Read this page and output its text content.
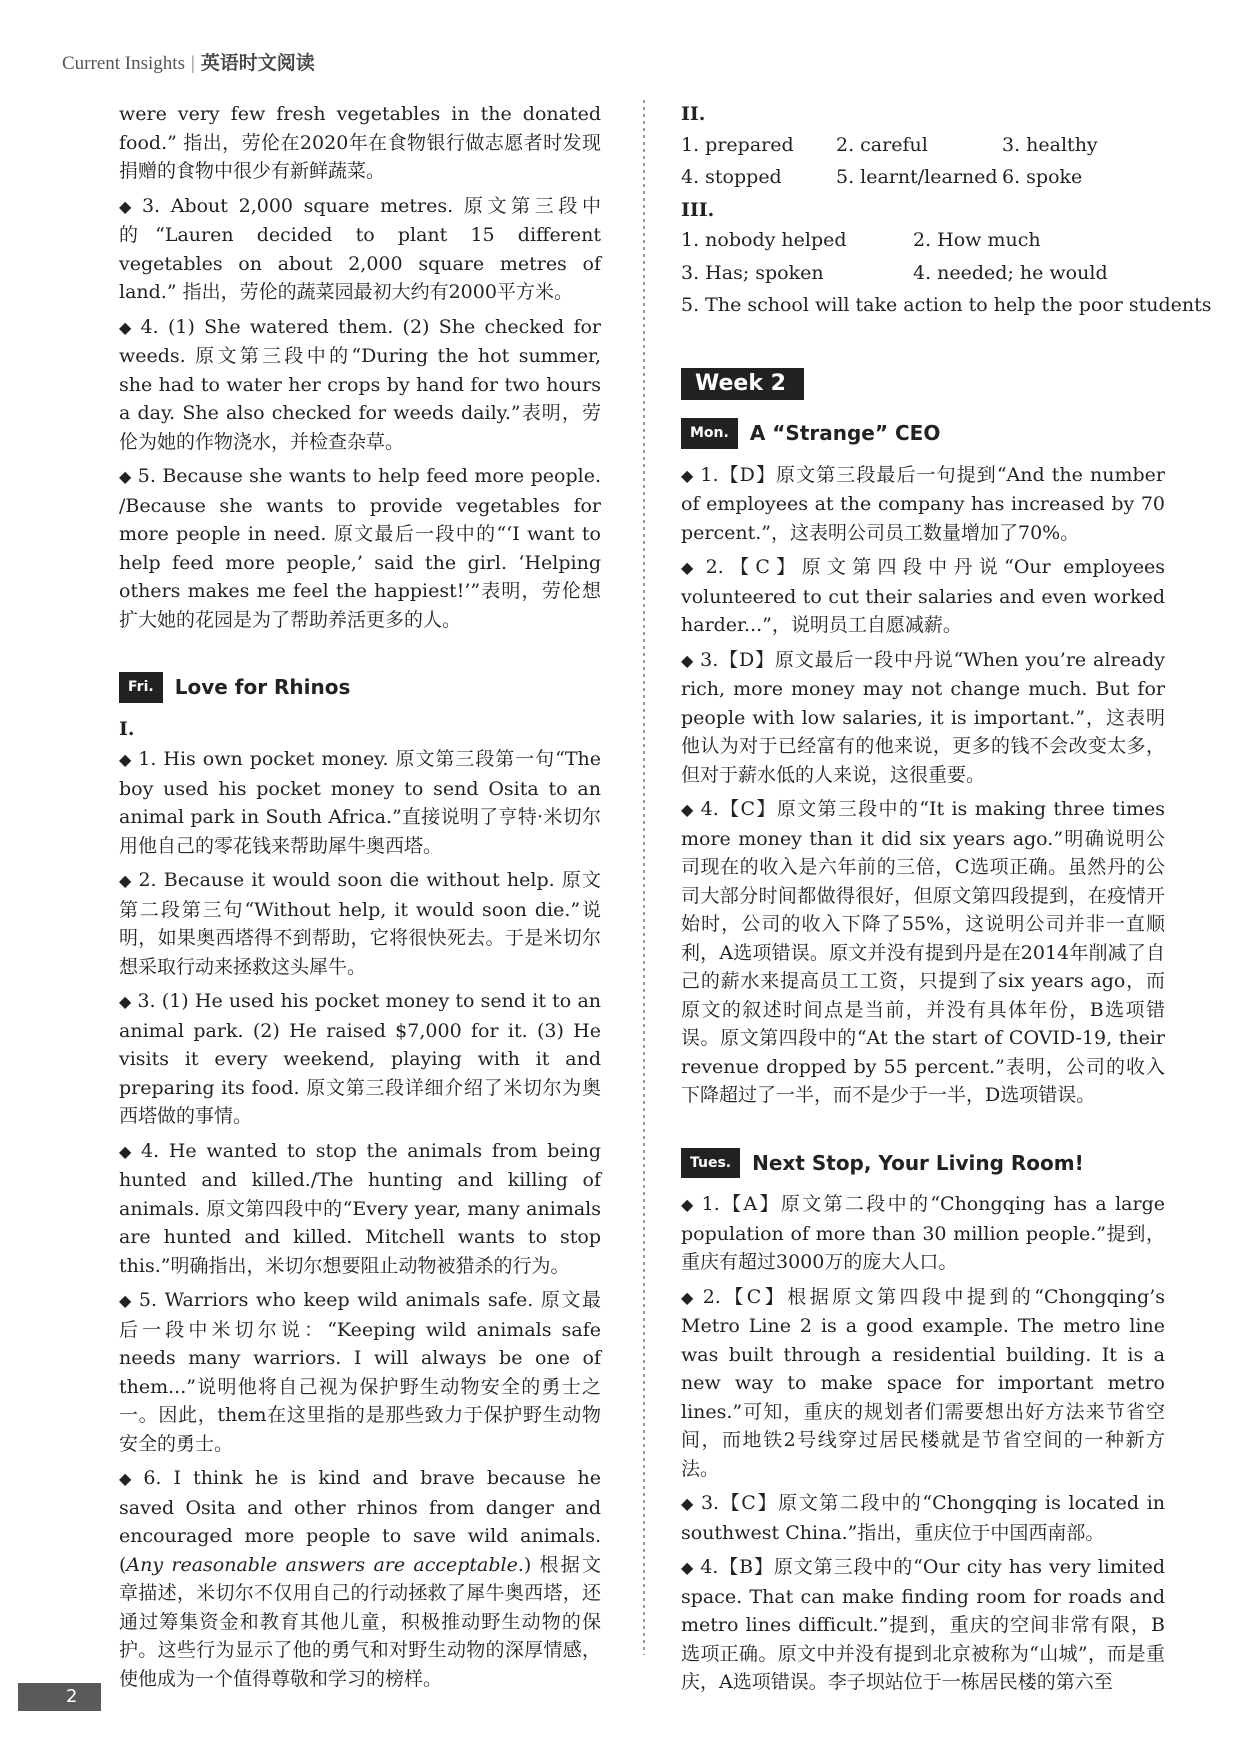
Current Insights | 英语时文阅读

were very few fresh vegetables in the donated food.” 指出，劳伦在2020年在食物银行做志愿者时发现捐赠的食物中很少有新鲜蔬菜。

◆ 3. About 2,000 square metres. 原文第三段中的“Lauren decided to plant 15 different vegetables on about 2,000 square metres of land.” 指出，劳伦的蔬菜园最初大约有2000平方米。

◆ 4. (1) She watered them. (2) She checked for weeds. 原文第三段中的“During the hot summer, she had to water her crops by hand for two hours a day. She also checked for weeds daily.”表明，劳伦为她的作物浇水，并检查杂草。

◆ 5. Because she wants to help feed more people. /Because she wants to provide vegetables for more people in need. 原文最后一段中的“‘I want to help feed more people,’ said the girl. ‘Helping others makes me feel the happiest!’”表明，劳伦想扩大她的花园是为了帮助养活更多的人。

Fri.	Love for Rhinos

I.

◆ 1. His own pocket money. 原文第三段第一句“The boy used his pocket money to send Osita to an animal park in South Africa.”直接说明了亨特·米切尔用他自己的零花钱来帮助犀牛奥西塔。

◆ 2. Because it would soon die without help. 原文第二段第三句“Without help, it would soon die.”说明，如果奥西塔得不到帮助，它将很快死去。于是米切尔想采取行动来拯救这头犀牛。

◆ 3. (1) He used his pocket money to send it to an animal park. (2) He raised $7,000 for it. (3) He visits it every weekend, playing with it and preparing its food. 原文第三段详细介绍了米切尔为奥西塔做的事情。

◆ 4. He wanted to stop the animals from being hunted and killed./The hunting and killing of animals. 原文第四段中的“Every year, many animals are hunted and killed. Mitchell wants to stop this.”明确指出，米切尔想要阻止动物被猎杀的行为。

◆ 5. Warriors who keep wild animals safe. 原文最后一段中米切尔说：“Keeping wild animals safe needs many warriors. I will always be one of them...”说明他将自己视为保护野生动物安全的勇士之一。因此，them在这里指的是那些致力于保护野生动物安全的勇士。

◆ 6. I think he is kind and brave because he saved Osita and other rhinos from danger and encouraged more people to save wild animals. (Any reasonable answers are acceptable.) 根据文章描述，米切尔不仅用自己的行动拯救了犀牛奥西塔，还通过筹集资金和教育其他儿童，积极推动野生动物的保护。这些行为显示了他的勇气和对野生动物的深厚情感，使他成为一个值得尊敬和学习的榜样。

II.

1. prepared	2. careful	3. healthy
4. stopped	5. learnt/learned 6. spoke

III.

1. nobody helped	2. How much
3. Has; spoken	4. needed; he would

5. The school will take action to help the poor students

Week 2
Mon.	A “Strange” CEO

◆ 1.【D】原文第三段最后一句提到“And the number of employees at the company has increased by 70 percent.”，这表明公司员工数量增加了70%。

◆ 2.【C】原文第四段中丹说“Our employees volunteered to cut their salaries and even worked harder...”，说明员工自愿减薪。

◆ 3.【D】原文最后一段中丹说“When you’re already rich, more money may not change much. But for people with low salaries, it is important.”，这表明他认为对于已经富有的他来说，更多的钱不会改变太多，但对于薪水低的人来说，这很重要。

◆ 4.【C】原文第三段中的“It is making three times more money than it did six years ago.”明确说明公司现在的收入是六年前的三倍，C选项正确。虽然丹的公司大部分时间都做得很好，但原文第四段提到，在疫情开始时，公司的收入下降了55%，这说明公司并非一直顺利，A选项错误。原文并没有提到丹是在2014年削减了自己的薪水来提高员工工资，只提到了six years ago，而原文的叙述时间点是当前，并没有具体年份，B选项错误。原文第四段中的“At the start of COVID-19, their revenue dropped by 55 percent.”表明，公司的收入下降超过了一半，而不是少于一半，D选项错误。

Tues.	Next Stop, Your Living Room!

◆ 1.【A】原文第二段中的“Chongqing has a large population of more than 30 million people.”提到，重庆有超过3000万的庞大人口。

◆ 2.【C】根据原文第四段中提到的“Chongqing’s Metro Line 2 is a good example. The metro line was built through a residential building. It is a new way to make space for important metro lines.”可知，重庆的规划者们需要想出好方法来节省空间，而地铁2号线穿过居民楼就是节省空间的一种新方法。

◆ 3.【C】原文第二段中的“Chongqing is located in southwest China.”指出，重庆位于中国西南部。

◆ 4.【B】原文第三段中的“Our city has very limited space. That can make finding room for roads and metro lines difficult.”提到，重庆的空间非常有限，B选项正确。原文中并没有提到北京被称为“山城”，而是重庆，A选项错误。李子坝站位于一栋居民楼的第六至

2
